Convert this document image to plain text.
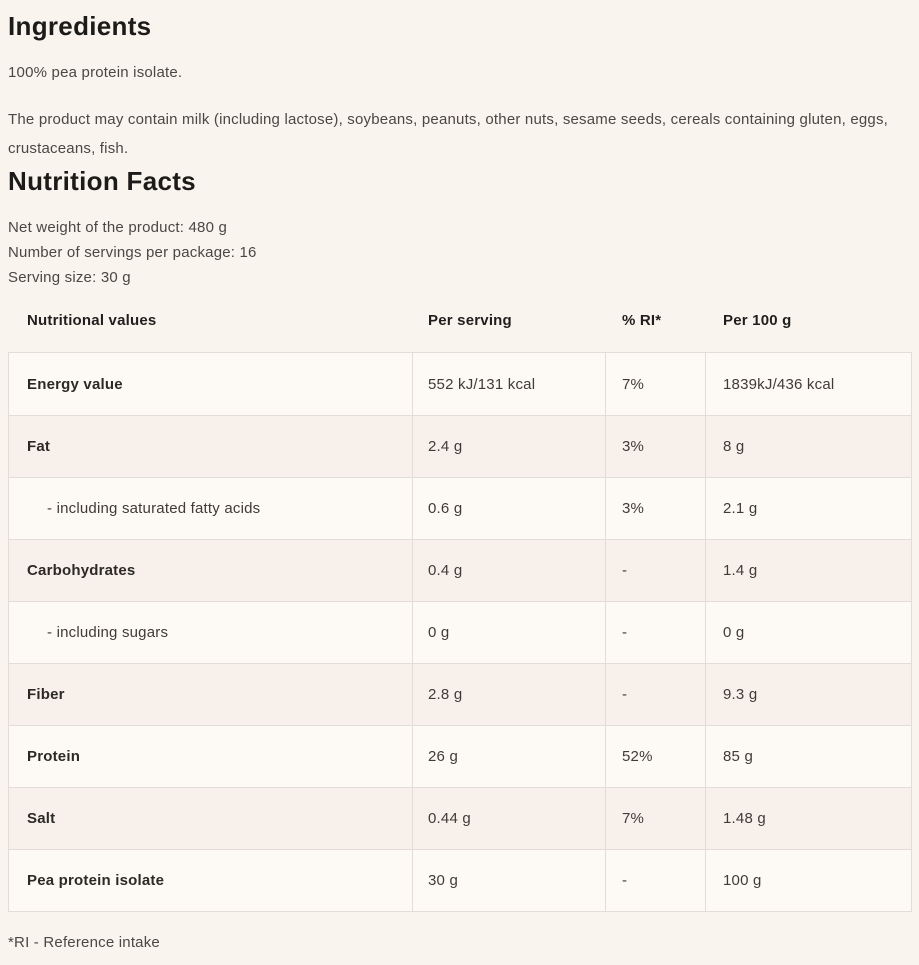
Ingredients

100% pea protein isolate.

The product may contain milk (including lactose), soybeans, peanuts, other nuts, sesame seeds, cereals containing gluten, eggs, crustaceans, fish.

Nutrition Facts
Net weight of the product: 480 g
Number of servings per package: 16
Serving size: 30 g
Nutritional values	Per serving	% RI*	Per 100 g
Energy value	552 kJ/131 kcal	7%	1839kJ/436 kcal
Fat	2.4 g	3%	8 g
- including saturated fatty acids	0.6 g	3%	2.1 g
Carbohydrates	0.4 g	-	1.4 g
- including sugars	0 g	-	0 g
Fiber	2.8 g	-	9.3 g
Protein	26 g	52%	85 g
Salt	0.44 g	7%	1.48 g
Pea protein isolate	30 g	-	100 g

*RI - Reference intake
